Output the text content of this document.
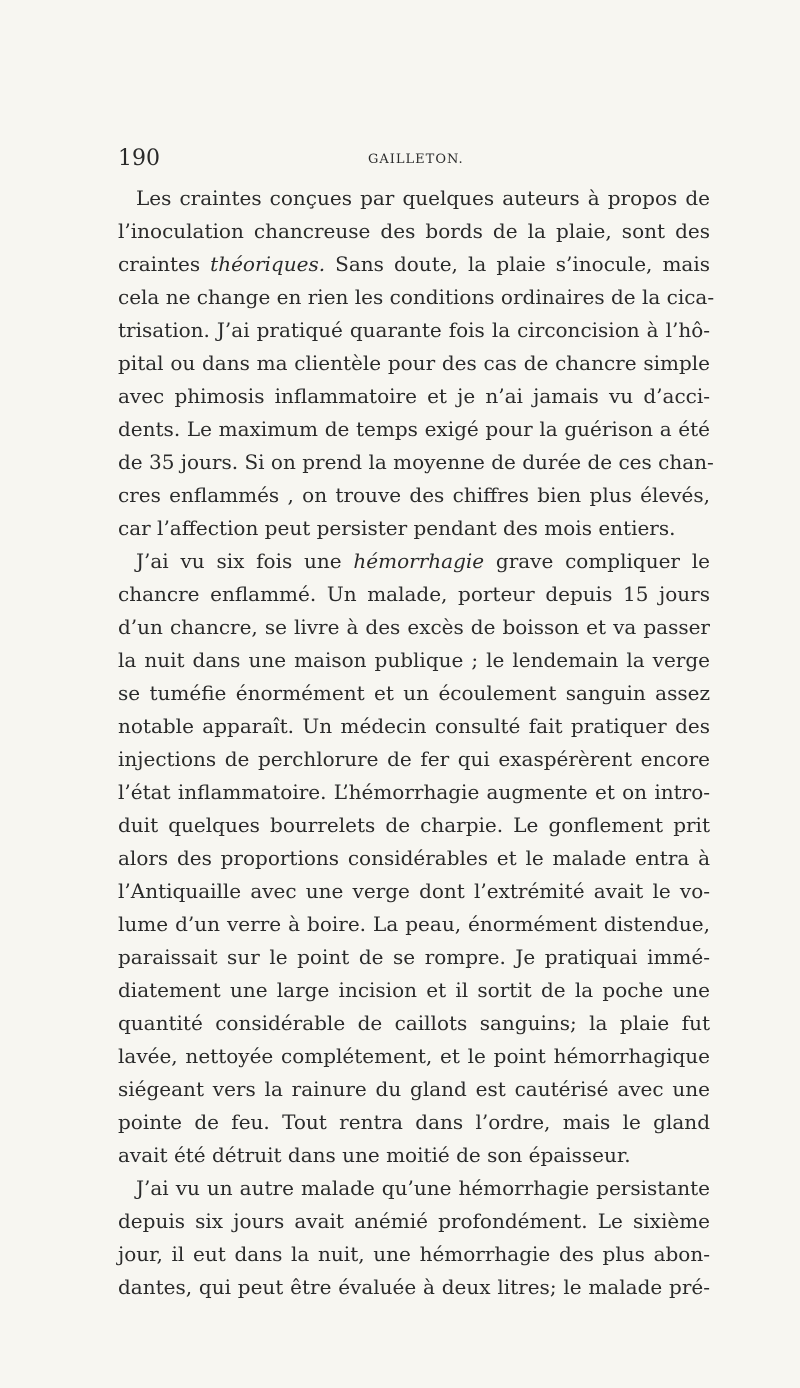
190	GAILLETON.
Les craintes conçues par quelques auteurs à propos de
l’inoculation chancreuse des bords de la plaie, sont des
craintes théoriques. Sans doute, la plaie s’inocule, mais
cela ne change en rien les conditions ordinaires de la cica-
trisation. J’ai pratiqué quarante fois la circoncision à l’hô-
pital ou dans ma clientèle pour des cas de chancre simple
avec phimosis inflammatoire et je n’ai jamais vu d’acci-
dents. Le maximum de temps exigé pour la guérison a été
de 35 jours. Si on prend la moyenne de durée de ces chan-
cres enflammés , on trouve des chiffres bien plus élevés,
car l’affection peut persister pendant des mois entiers.
J’ai vu six fois une hémorrhagie grave compliquer le
chancre enflammé. Un malade, porteur depuis 15 jours
d’un chancre, se livre à des excès de boisson et va passer
la nuit dans une maison publique ; le lendemain la verge
se tuméfie énormément et un écoulement sanguin assez
notable apparaît. Un médecin consulté fait pratiquer des
injections de perchlorure de fer qui exaspérèrent encore
l’état inflammatoire. L’hémorrhagie augmente et on intro-
duit quelques bourrelets de charpie. Le gonflement prit
alors des proportions considérables et le malade entra à
l’Antiquaille avec une verge dont l’extrémité avait le vo-
lume d’un verre à boire. La peau, énormément distendue,
paraissait sur le point de se rompre. Je pratiquai immé-
diatement une large incision et il sortit de la poche une
quantité considérable de caillots sanguins; la plaie fut
lavée, nettoyée complétement, et le point hémorrhagique
siégeant vers la rainure du gland est cautérisé avec une
pointe de feu. Tout rentra dans l’ordre, mais le gland
avait été détruit dans une moitié de son épaisseur.
J’ai vu un autre malade qu’une hémorrhagie persistante
depuis six jours avait anémié profondément. Le sixième
jour, il eut dans la nuit, une hémorrhagie des plus abon-
dantes, qui peut être évaluée à deux litres; le malade pré-
